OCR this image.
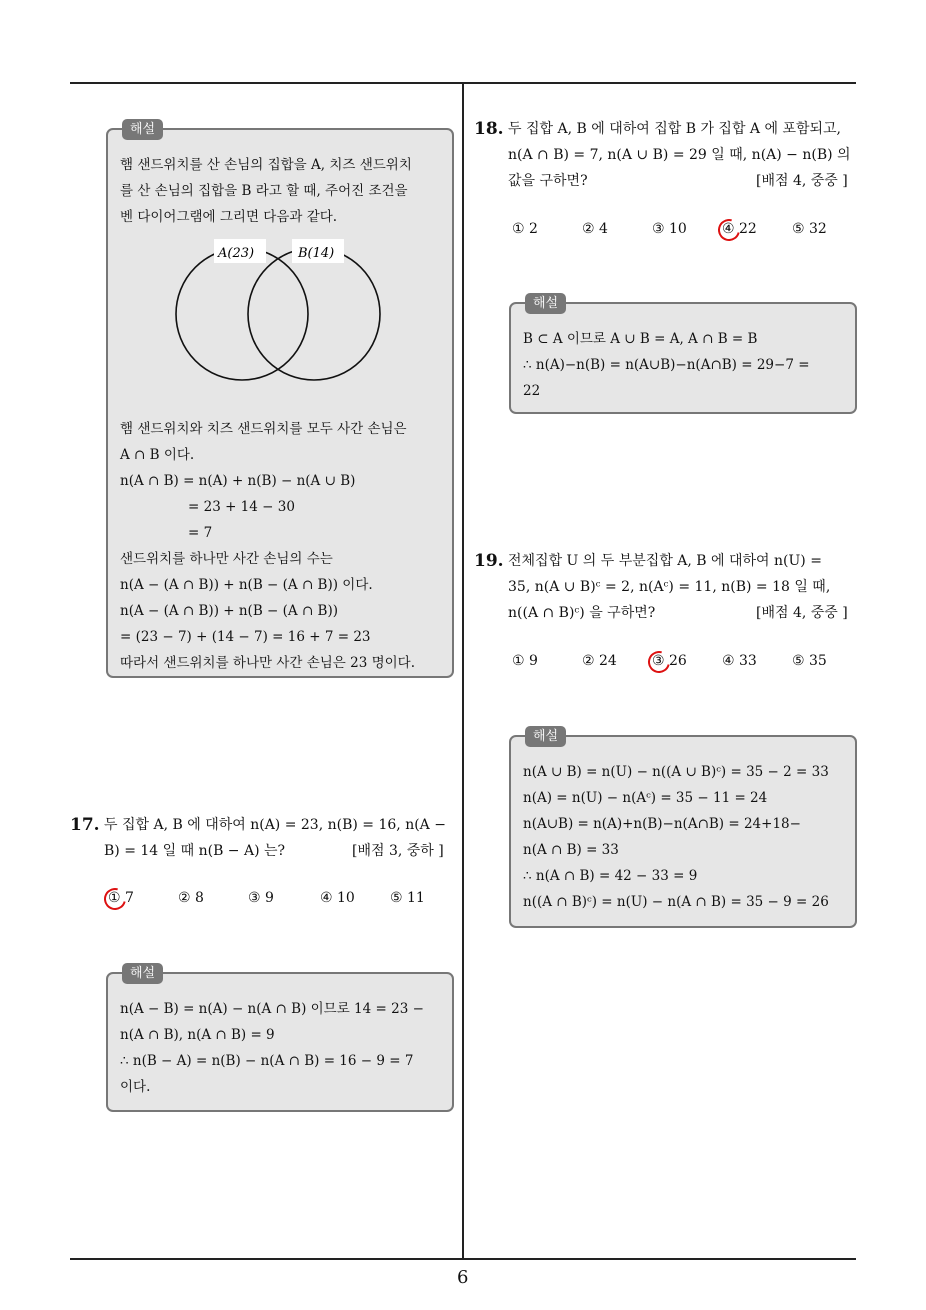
6
해설
햄 샌드위치를 산 손님의 집합을 A, 치즈 샌드위치
를 산 손님의 집합을 B 라고 할 때, 주어진 조건을
벤 다이어그램에 그리면 다음과 같다.
햄 샌드위치와 치즈 샌드위치를 모두 사간 손님은
A ∩ B 이다.
n(A ∩ B) = n(A) + n(B) − n(A ∪ B)
= 23 + 14 − 30
= 7
샌드위치를 하나만 사간 손님의 수는
n(A − (A ∩ B)) + n(B − (A ∩ B)) 이다.
n(A − (A ∩ B)) + n(B − (A ∩ B))
= (23 − 7) + (14 − 7) = 16 + 7 = 23
따라서 샌드위치를 하나만 사간 손님은 23 명이다.
A(23)	B(14)
17. 두 집합 A, B 에 대하여 n(A) = 23, n(B) = 16, n(A −
B) = 14 일 때 n(B − A) 는?	[배점 3, 중하 ]
① 7	② 8	③ 9	④ 10	⑤ 11
해설
n(A − B) = n(A) − n(A ∩ B) 이므로 14 = 23 −
n(A ∩ B), n(A ∩ B) = 9
∴ n(B − A) = n(B) − n(A ∩ B) = 16 − 9 = 7
이다.
18. 두 집합 A, B 에 대하여 집합 B 가 집합 A 에 포함되고,
n(A ∩ B) = 7, n(A ∪ B) = 29 일 때, n(A) − n(B) 의
값을 구하면?	[배점 4, 중중 ]
① 2	② 4	③ 10	④ 22	⑤ 32
해설
B ⊂ A 이므로 A ∪ B = A, A ∩ B = B
∴ n(A)−n(B) = n(A∪B)−n(A∩B) = 29−7 =
22
19. 전체집합 U 의 두 부분집합 A, B 에 대하여 n(U) =
35, n(A ∪ B)ᶜ = 2, n(Aᶜ) = 11, n(B) = 18 일 때,
n((A ∩ B)ᶜ) 을 구하면?	[배점 4, 중중 ]
① 9	② 24	③ 26	④ 33	⑤ 35
해설
n(A ∪ B) = n(U) − n((A ∪ B)ᶜ) = 35 − 2 = 33
n(A) = n(U) − n(Aᶜ) = 35 − 11 = 24
n(A∪B) = n(A)+n(B)−n(A∩B) = 24+18−
n(A ∩ B) = 33
∴ n(A ∩ B) = 42 − 33 = 9
n((A ∩ B)ᶜ) = n(U) − n(A ∩ B) = 35 − 9 = 26
